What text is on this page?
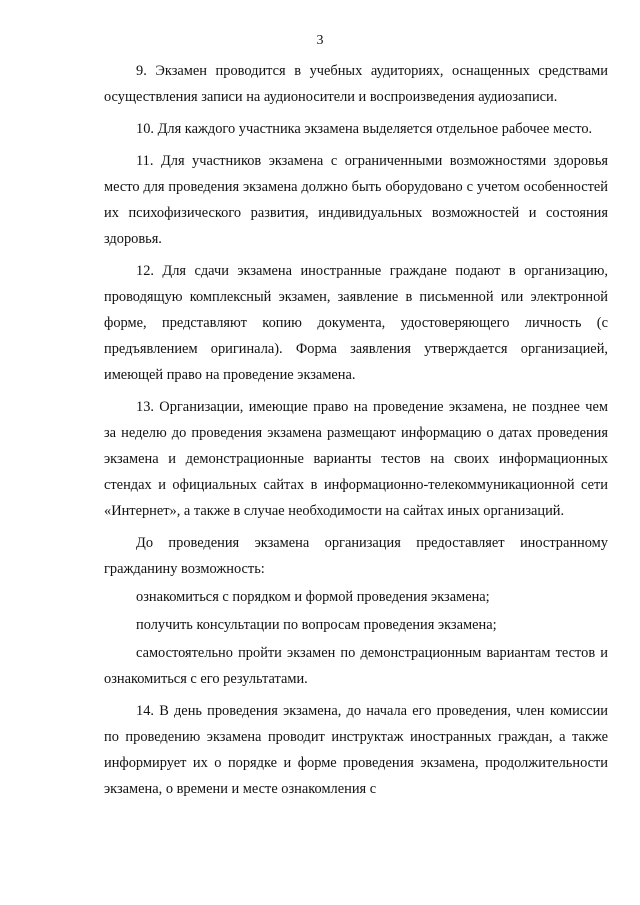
3

9. Экзамен проводится в учебных аудиториях, оснащенных средствами осуществления записи на аудионосители и воспроизведения аудиозаписи.

10. Для каждого участника экзамена выделяется отдельное рабочее место.

11. Для участников экзамена с ограниченными возможностями здоровья место для проведения экзамена должно быть оборудовано с учетом особенностей их психофизического развития, индивидуальных возможностей и состояния здоровья.

12. Для сдачи экзамена иностранные граждане подают в организацию, проводящую комплексный экзамен, заявление в письменной или электронной форме, представляют копию документа, удостоверяющего личность (с предъявлением оригинала). Форма заявления утверждается организацией, имеющей право на проведение экзамена.

13. Организации, имеющие право на проведение экзамена, не позднее чем за неделю до проведения экзамена размещают информацию о датах проведения экзамена и демонстрационные варианты тестов на своих информационных стендах и официальных сайтах в информационно-телекоммуникационной сети «Интернет», а также в случае необходимости на сайтах иных организаций.

До проведения экзамена организация предоставляет иностранному гражданину возможность:

ознакомиться с порядком и формой проведения экзамена;

получить консультации по вопросам проведения экзамена;

самостоятельно пройти экзамен по демонстрационным вариантам тестов и ознакомиться с его результатами.

14. В день проведения экзамена, до начала его проведения, член комиссии по проведению экзамена проводит инструктаж иностранных граждан, а также информирует их о порядке и форме проведения экзамена, продолжительности экзамена, о времени и месте ознакомления с
